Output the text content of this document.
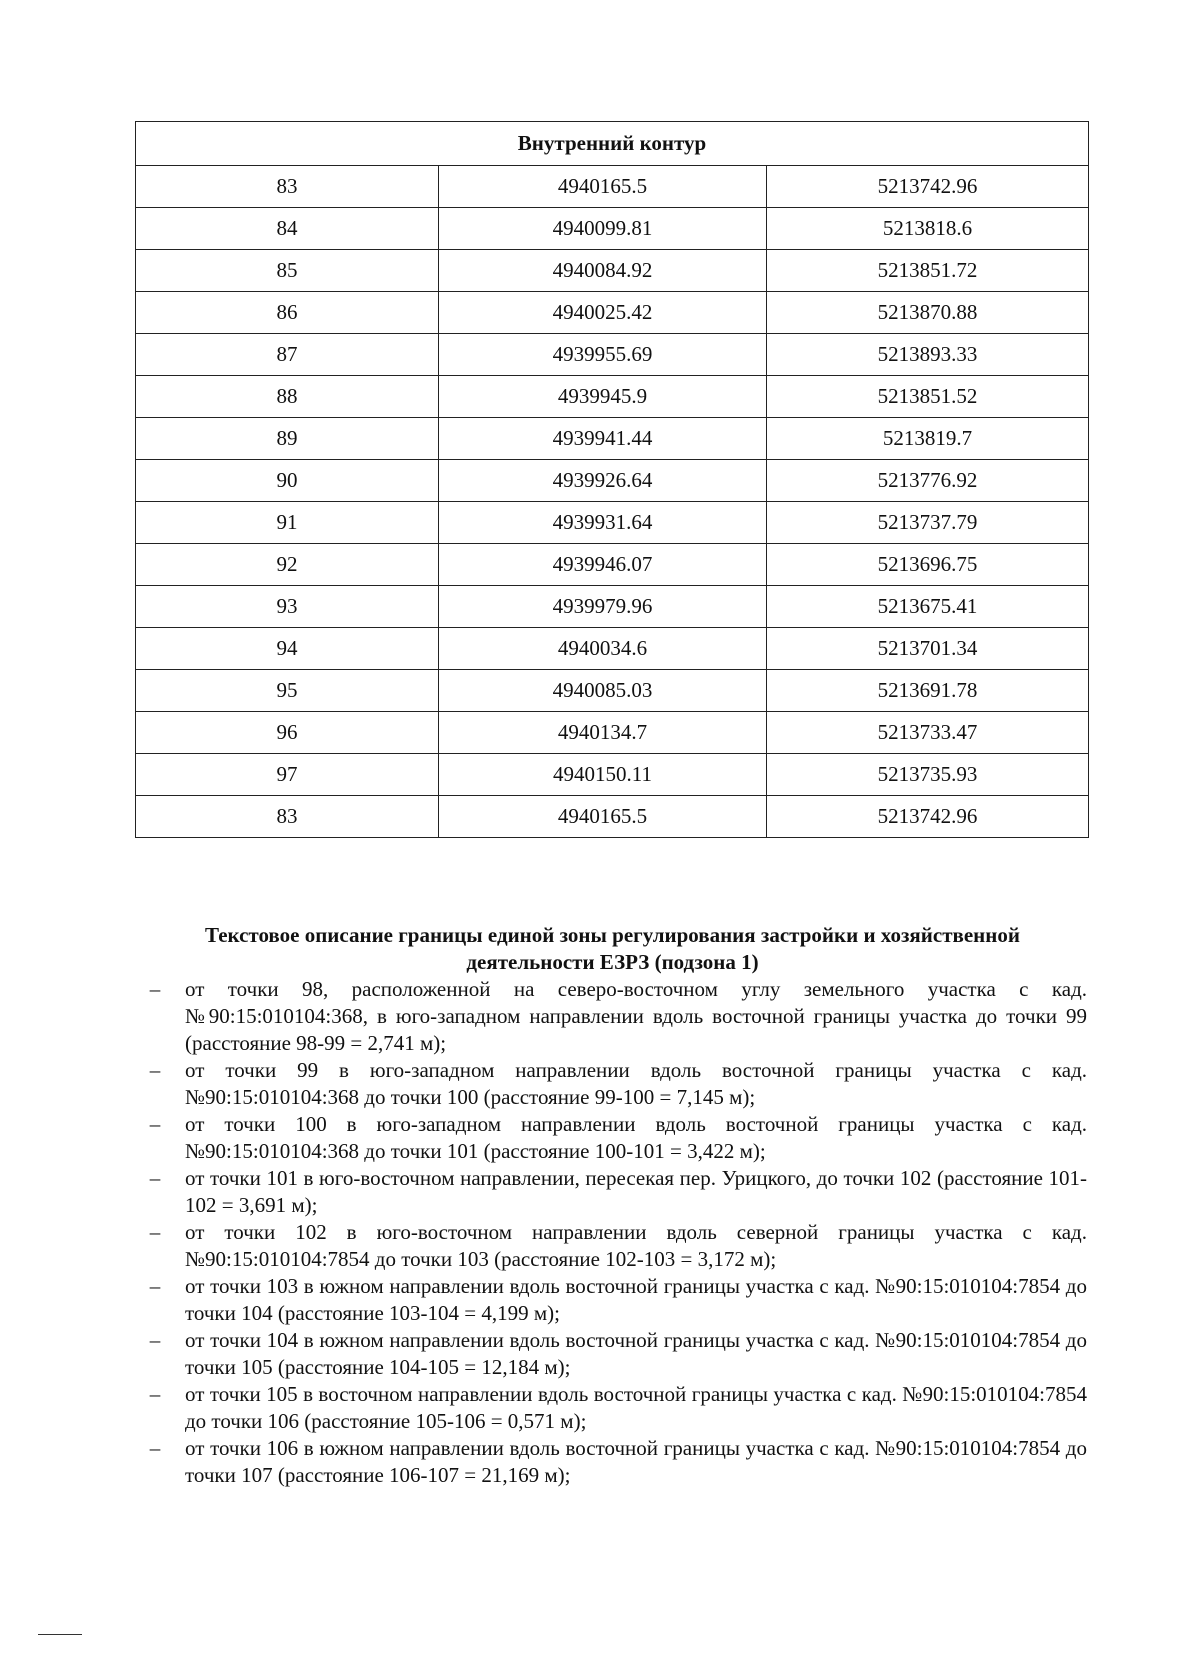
Внутренний контур		
83	4940165.5	5213742.96
84	4940099.81	5213818.6
85	4940084.92	5213851.72
86	4940025.42	5213870.88
87	4939955.69	5213893.33
88	4939945.9	5213851.52
89	4939941.44	5213819.7
90	4939926.64	5213776.92
91	4939931.64	5213737.79
92	4939946.07	5213696.75
93	4939979.96	5213675.41
94	4940034.6	5213701.34
95	4940085.03	5213691.78
96	4940134.7	5213733.47
97	4940150.11	5213735.93
83	4940165.5	5213742.96
Текстовое описание границы единой зоны регулирования застройки и хозяйственной деятельности ЕЗРЗ (подзона 1)
– от точки 98, расположенной на северо-восточном углу земельного участка с кад. №90:15:010104:368, в юго-западном направлении вдоль восточной границы участка до точки 99 (расстояние 98-99 = 2,741 м);
– от точки 99 в юго-западном направлении вдоль восточной границы участка с кад. №90:15:010104:368 до точки 100 (расстояние 99-100 = 7,145 м);
– от точки 100 в юго-западном направлении вдоль восточной границы участка с кад. №90:15:010104:368 до точки 101 (расстояние 100-101 = 3,422 м);
– от точки 101 в юго-восточном направлении, пересекая пер. Урицкого, до точки 102 (расстояние 101-102 = 3,691 м);
– от точки 102 в юго-восточном направлении вдоль северной границы участка с кад. №90:15:010104:7854 до точки 103 (расстояние 102-103 = 3,172 м);
– от точки 103 в южном направлении вдоль восточной границы участка с кад. №90:15:010104:7854 до точки 104 (расстояние 103-104 = 4,199 м);
– от точки 104 в южном направлении вдоль восточной границы участка с кад. №90:15:010104:7854 до точки 105 (расстояние 104-105 = 12,184 м);
– от точки 105 в восточном направлении вдоль восточной границы участка с кад. №90:15:010104:7854 до точки 106 (расстояние 105-106 = 0,571 м);
– от точки 106 в южном направлении вдоль восточной границы участка с кад. №90:15:010104:7854 до точки 107 (расстояние 106-107 = 21,169 м);
